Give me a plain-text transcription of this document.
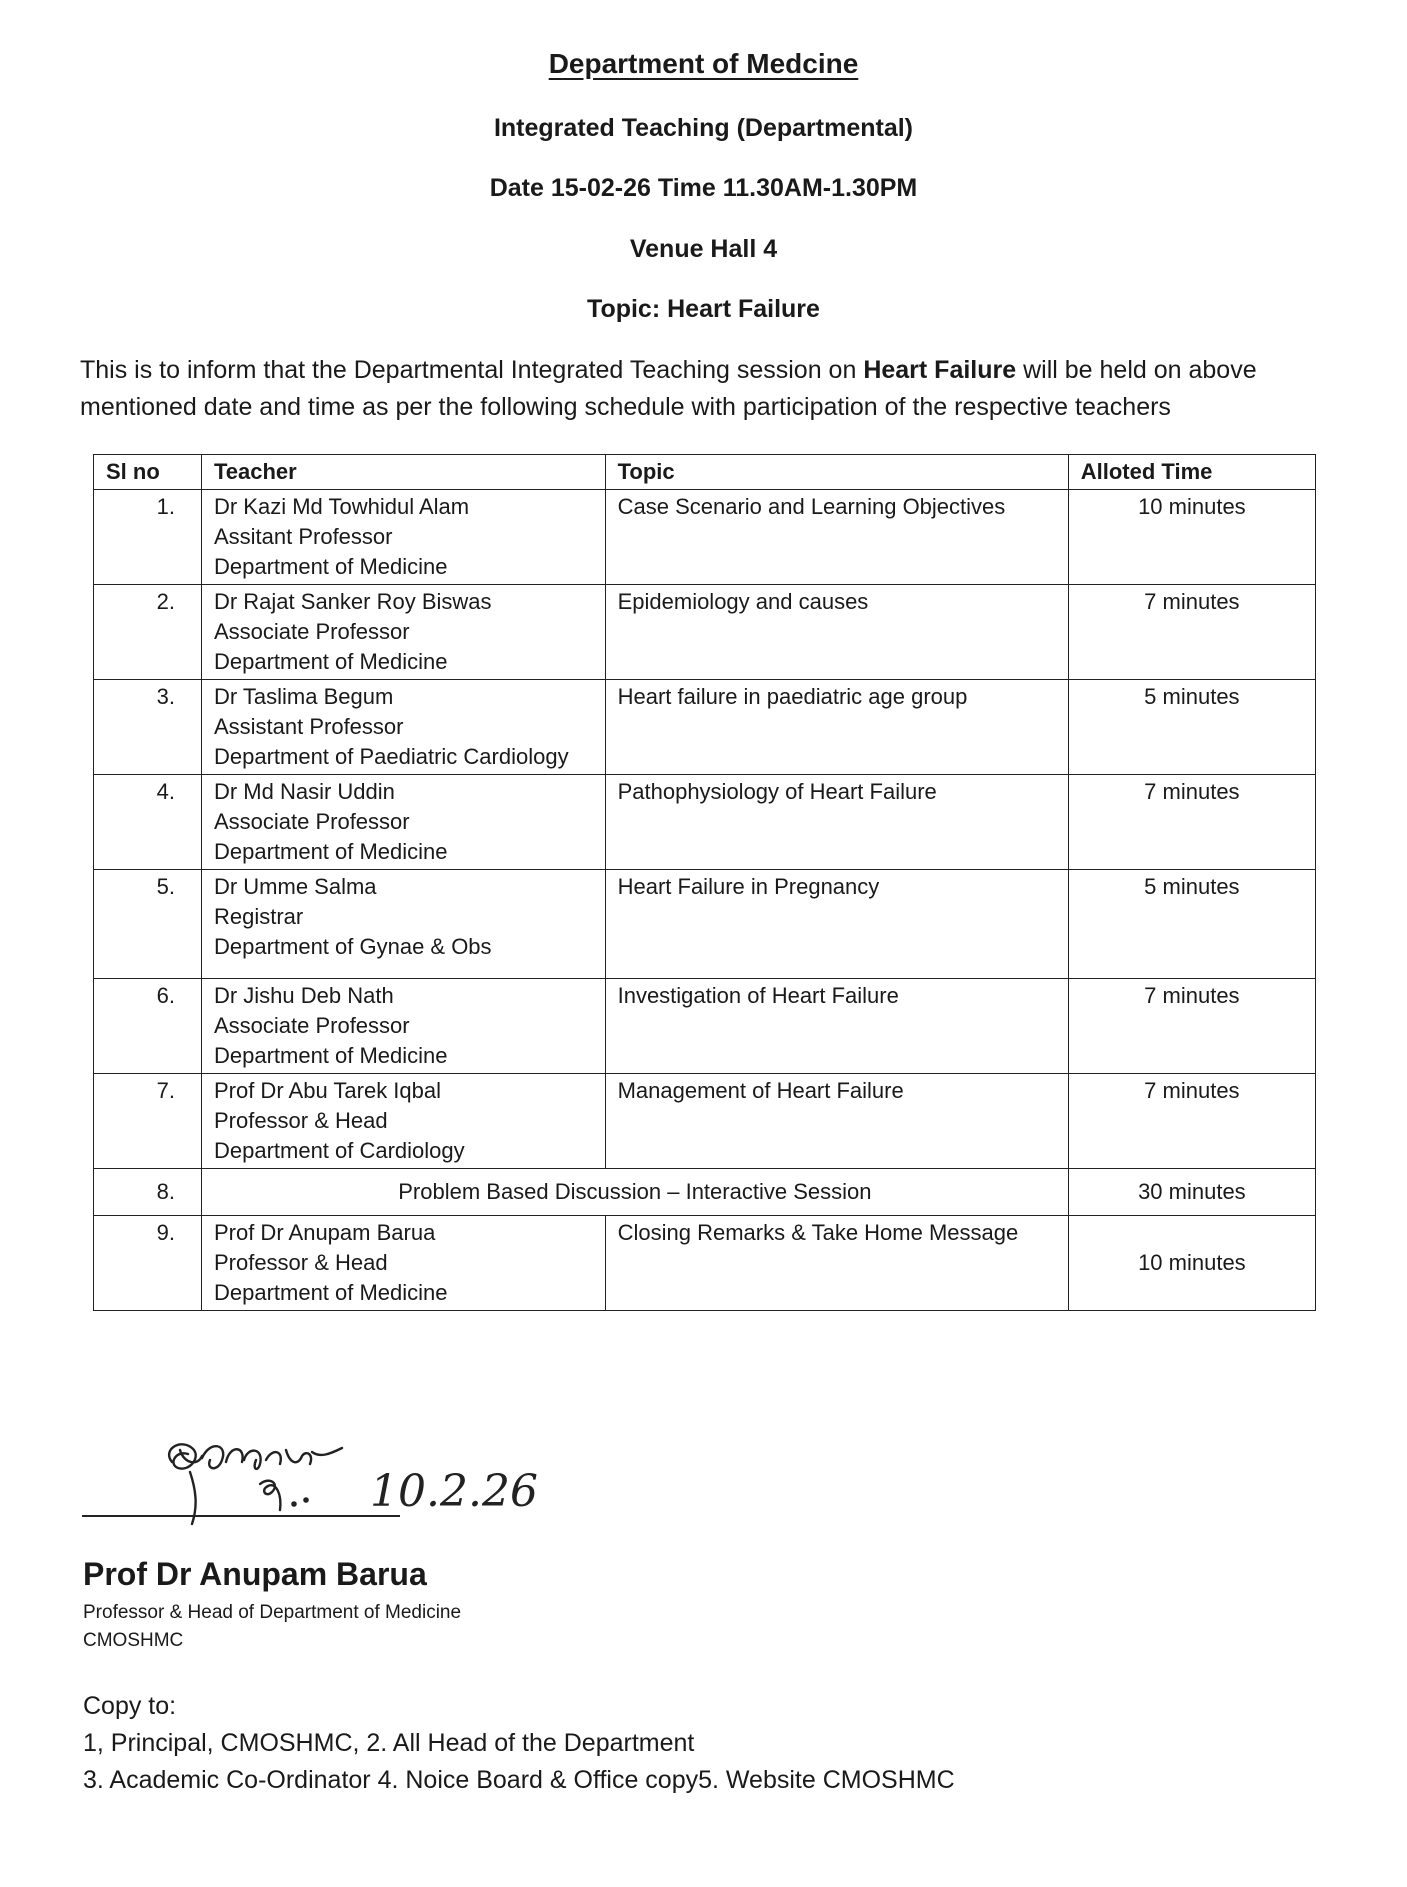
Department of Medcine
Integrated Teaching (Departmental)
Date 15-02-26 Time 11.30AM-1.30PM
Venue Hall 4
Topic: Heart Failure
This is to inform that the Departmental Integrated Teaching session on Heart Failure will be held on above mentioned date and time as per the following schedule with participation of the respective teachers
Sl no	Teacher	Topic	Alloted Time
1.	Dr Kazi Md Towhidul Alam
Assitant Professor
Department of Medicine	Case Scenario and Learning Objectives	10 minutes
2.	Dr Rajat Sanker Roy Biswas
Associate Professor
Department of Medicine	Epidemiology and causes	7 minutes
3.	Dr Taslima Begum
Assistant Professor
Department of Paediatric Cardiology	Heart failure in paediatric age group	5 minutes
4.	Dr Md Nasir Uddin
Associate Professor
Department of Medicine	Pathophysiology of Heart Failure	7 minutes
5.	Dr Umme Salma
Registrar
Department of Gynae & Obs	Heart Failure in Pregnancy	5 minutes
6.	Dr Jishu Deb Nath
Associate Professor
Department of Medicine	Investigation of Heart Failure	7 minutes
7.	Prof Dr Abu Tarek Iqbal
Professor & Head
Department of Cardiology	Management of Heart Failure	7 minutes
8.	Problem Based Discussion – Interactive Session		30 minutes
9.	Prof Dr Anupam Barua
Professor & Head
Department of Medicine	Closing Remarks & Take Home Message	10 minutes
10.2.26
Prof Dr Anupam Barua
Professor & Head of Department of Medicine
CMOSHMC
Copy to:
1, Principal, CMOSHMC, 2. All Head of the Department
3. Academic Co-Ordinator 4. Noice Board & Office copy5. Website CMOSHMC
